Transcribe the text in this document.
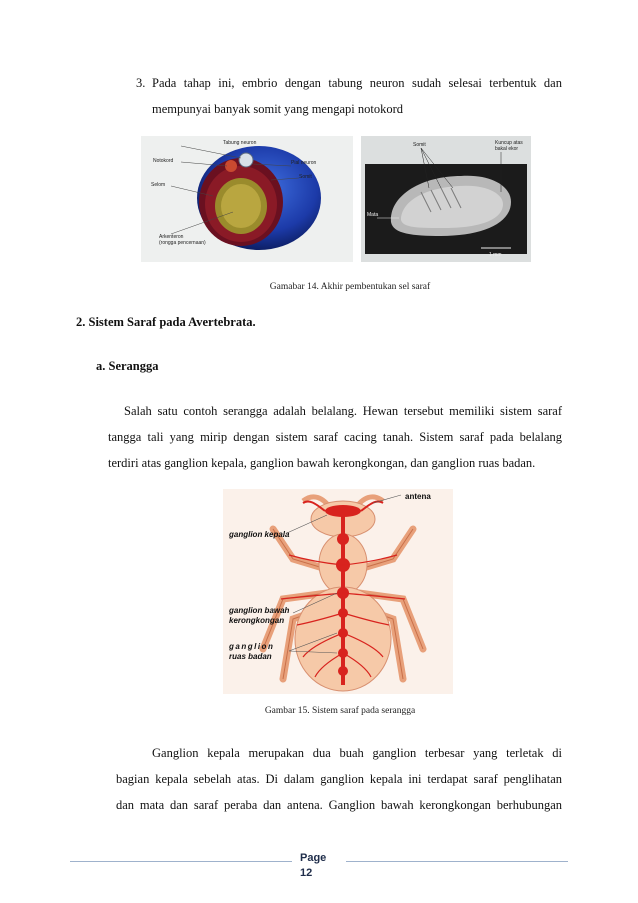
3. Pada tahap ini, embrio dengan tabung neuron sudah selesai terbentuk dan
mempunyai banyak somit yang mengapi notokord
Tabung neuron
Notokord	Pial neuron
Somit
Selom
Arkenteron
(rongga pencernaan)
Somit	Kuncup atas
bakal ekor
Mata
1 mm
Gamabar 14. Akhir pembentukan sel saraf
2. Sistem Saraf pada Avertebrata.
a. Serangga
Salah satu contoh serangga adalah belalang. Hewan tersebut memiliki sistem saraf
tangga tali yang mirip dengan sistem saraf cacing tanah. Sistem saraf pada belalang
terdiri atas ganglion kepala, ganglion bawah kerongkongan, dan ganglion ruas badan.
antena
ganglion kepala
ganglion bawah
kerongkongan
ganglion
ruas badan
Gambar 15. Sistem saraf pada serangga
Ganglion kepala merupakan dua buah ganglion terbesar yang terletak di
bagian kepala sebelah atas. Di dalam ganglion kepala ini terdapat saraf penglihatan
dan mata dan saraf peraba dan antena. Ganglion bawah kerongkongan berhubungan
Page
12
